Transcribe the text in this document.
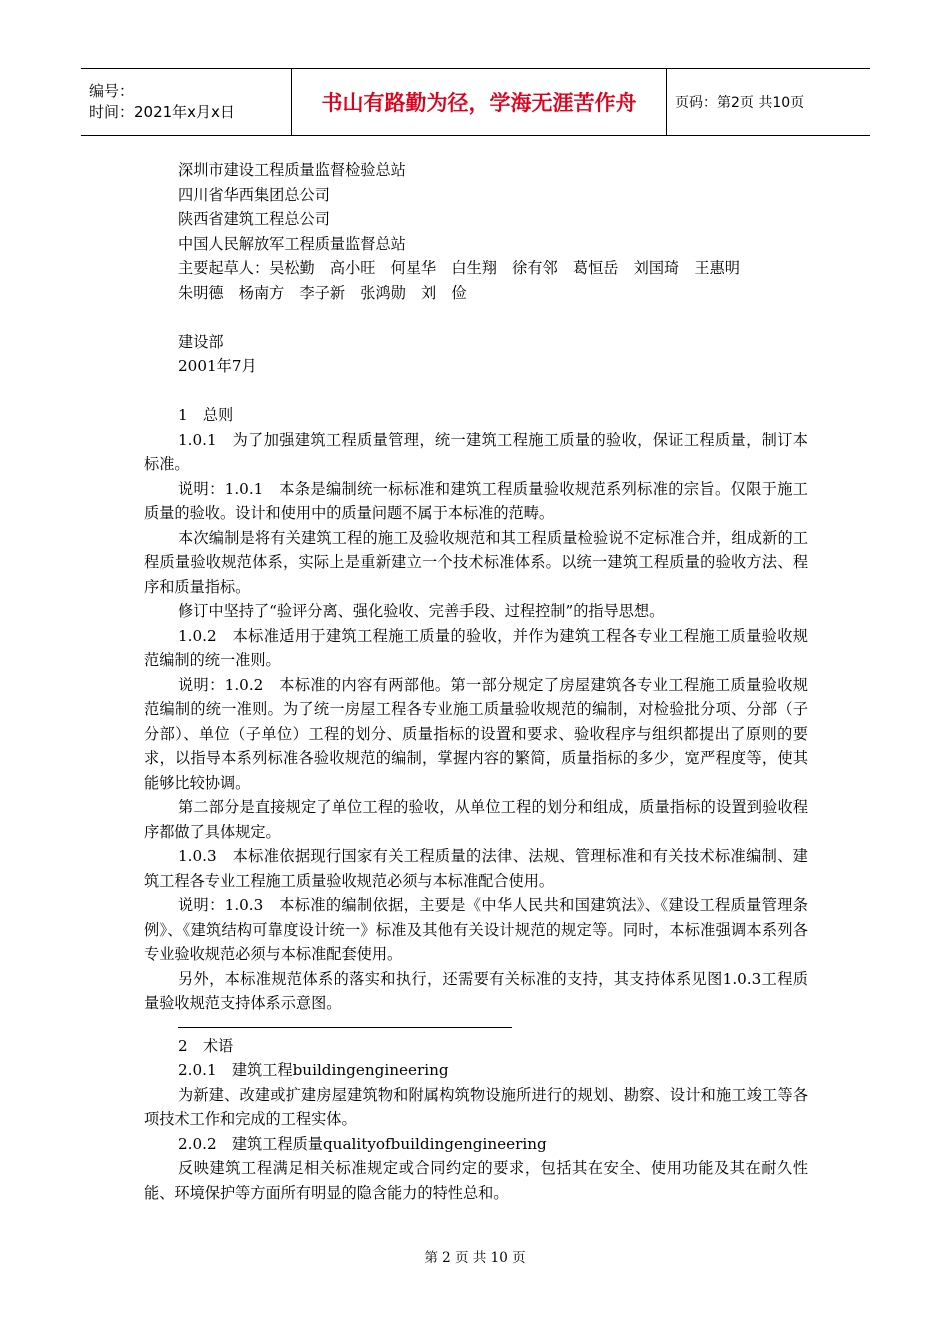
编号：
时间：2021年x月x日	书山有路勤为径，学海无涯苦作舟	页码：第2页 共10页

深圳市建设工程质量监督检验总站

四川省华西集团总公司

陕西省建筑工程总公司

中国人民解放军工程质量监督总站

主要起草人：吴松勤　高小旺　何星华　白生翔　徐有邻　葛恒岳　刘国琦　王惠明

朱明德　杨南方　李子新　张鸿勋　刘　俭

建设部

2001年7月

1　总则

1.0.1　为了加强建筑工程质量管理，统一建筑工程施工质量的验收，保证工程质量，制订本标准。

说明：1.0.1　本条是编制统一标标准和建筑工程质量验收规范系列标准的宗旨。仅限于施工质量的验收。设计和使用中的质量问题不属于本标准的范畴。

本次编制是将有关建筑工程的施工及验收规范和其工程质量检验说不定标准合并，组成新的工程质量验收规范体系，实际上是重新建立一个技术标准体系。以统一建筑工程质量的验收方法、程序和质量指标。

修订中坚持了“验评分离、强化验收、完善手段、过程控制”的指导思想。

1.0.2　本标准适用于建筑工程施工质量的验收，并作为建筑工程各专业工程施工质量验收规范编制的统一准则。

说明：1.0.2　本标准的内容有两部他。第一部分规定了房屋建筑各专业工程施工质量验收规范编制的统一准则。为了统一房屋工程各专业施工质量验收规范的编制，对检验批分项、分部（子分部）、单位（子单位）工程的划分、质量指标的设置和要求、验收程序与组织都提出了原则的要求，以指导本系列标准各验收规范的编制，掌握内容的繁简，质量指标的多少，宽严程度等，使其能够比较协调。

第二部分是直接规定了单位工程的验收，从单位工程的划分和组成，质量指标的设置到验收程序都做了具体规定。

1.0.3　本标准依据现行国家有关工程质量的法律、法规、管理标准和有关技术标准编制、建筑工程各专业工程施工质量验收规范必须与本标准配合使用。

说明：1.0.3　本标准的编制依据，主要是《中华人民共和国建筑法》、《建设工程质量管理条例》、《建筑结构可靠度设计统一》标准及其他有关设计规范的规定等。同时，本标准强调本系列各专业验收规范必须与本标准配套使用。

另外，本标准规范体系的落实和执行，还需要有关标准的支持，其支持体系见图1.0.3工程质量验收规范支持体系示意图。

2　术语

2.0.1　建筑工程buildingengineering

为新建、改建或扩建房屋建筑物和附属构筑物设施所进行的规划、勘察、设计和施工竣工等各项技术工作和完成的工程实体。

2.0.2　建筑工程质量qualityofbuildingengineering

反映建筑工程满足相关标准规定或合同约定的要求，包括其在安全、使用功能及其在耐久性能、环境保护等方面所有明显的隐含能力的特性总和。

第 2 页 共 10 页
